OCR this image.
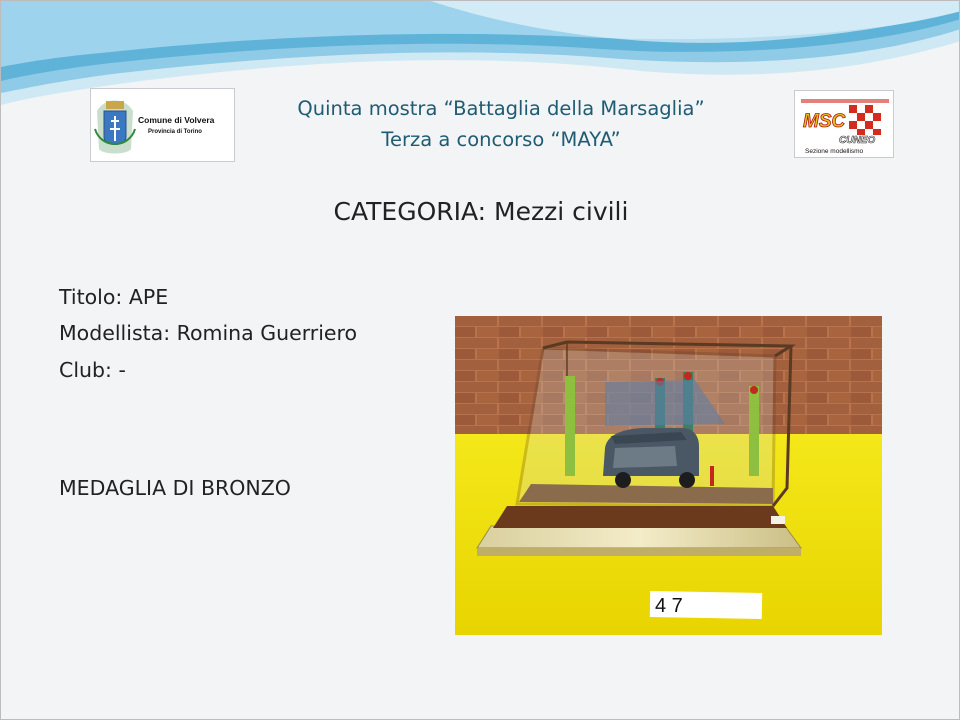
Comune di Volvera
Provincia di Torino	MSC
CUNEO
Sezione modellismo
Quinta mostra “Battaglia della Marsaglia”
Terza a concorso “MAYA”
CATEGORIA: Mezzi civili
Titolo: APE
Modellista: Romina Guerriero
Club: -
MEDAGLIA DI BRONZO
4 7
